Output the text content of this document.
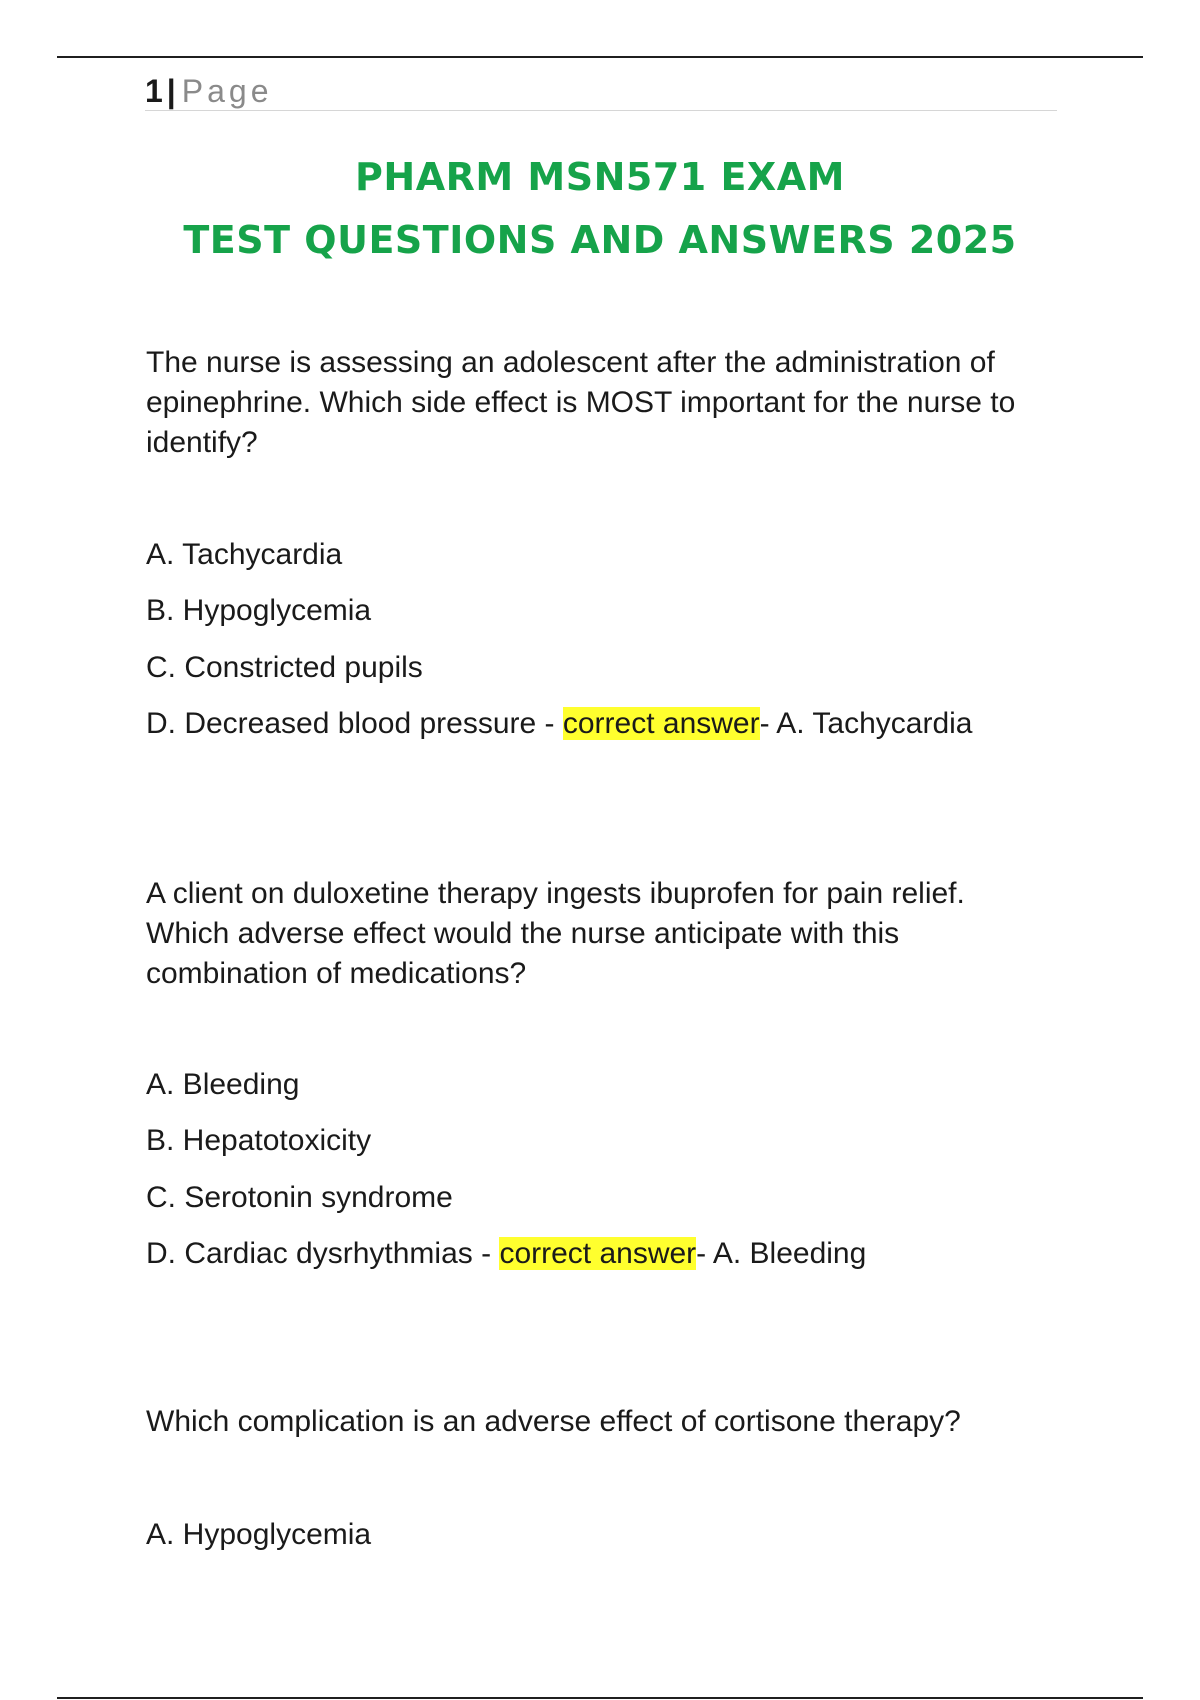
1 | Page
PHARM MSN571 EXAM
TEST QUESTIONS AND ANSWERS 2025

The nurse is assessing an adolescent after the administration of epinephrine. Which side effect is MOST important for the nurse to identify?

A. Tachycardia

B. Hypoglycemia

C. Constricted pupils

D. Decreased blood pressure - correct answer- A. Tachycardia

A client on duloxetine therapy ingests ibuprofen for pain relief. Which adverse effect would the nurse anticipate with this combination of medications?

A. Bleeding

B. Hepatotoxicity

C. Serotonin syndrome

D. Cardiac dysrhythmias - correct answer- A. Bleeding

Which complication is an adverse effect of cortisone therapy?

A. Hypoglycemia
